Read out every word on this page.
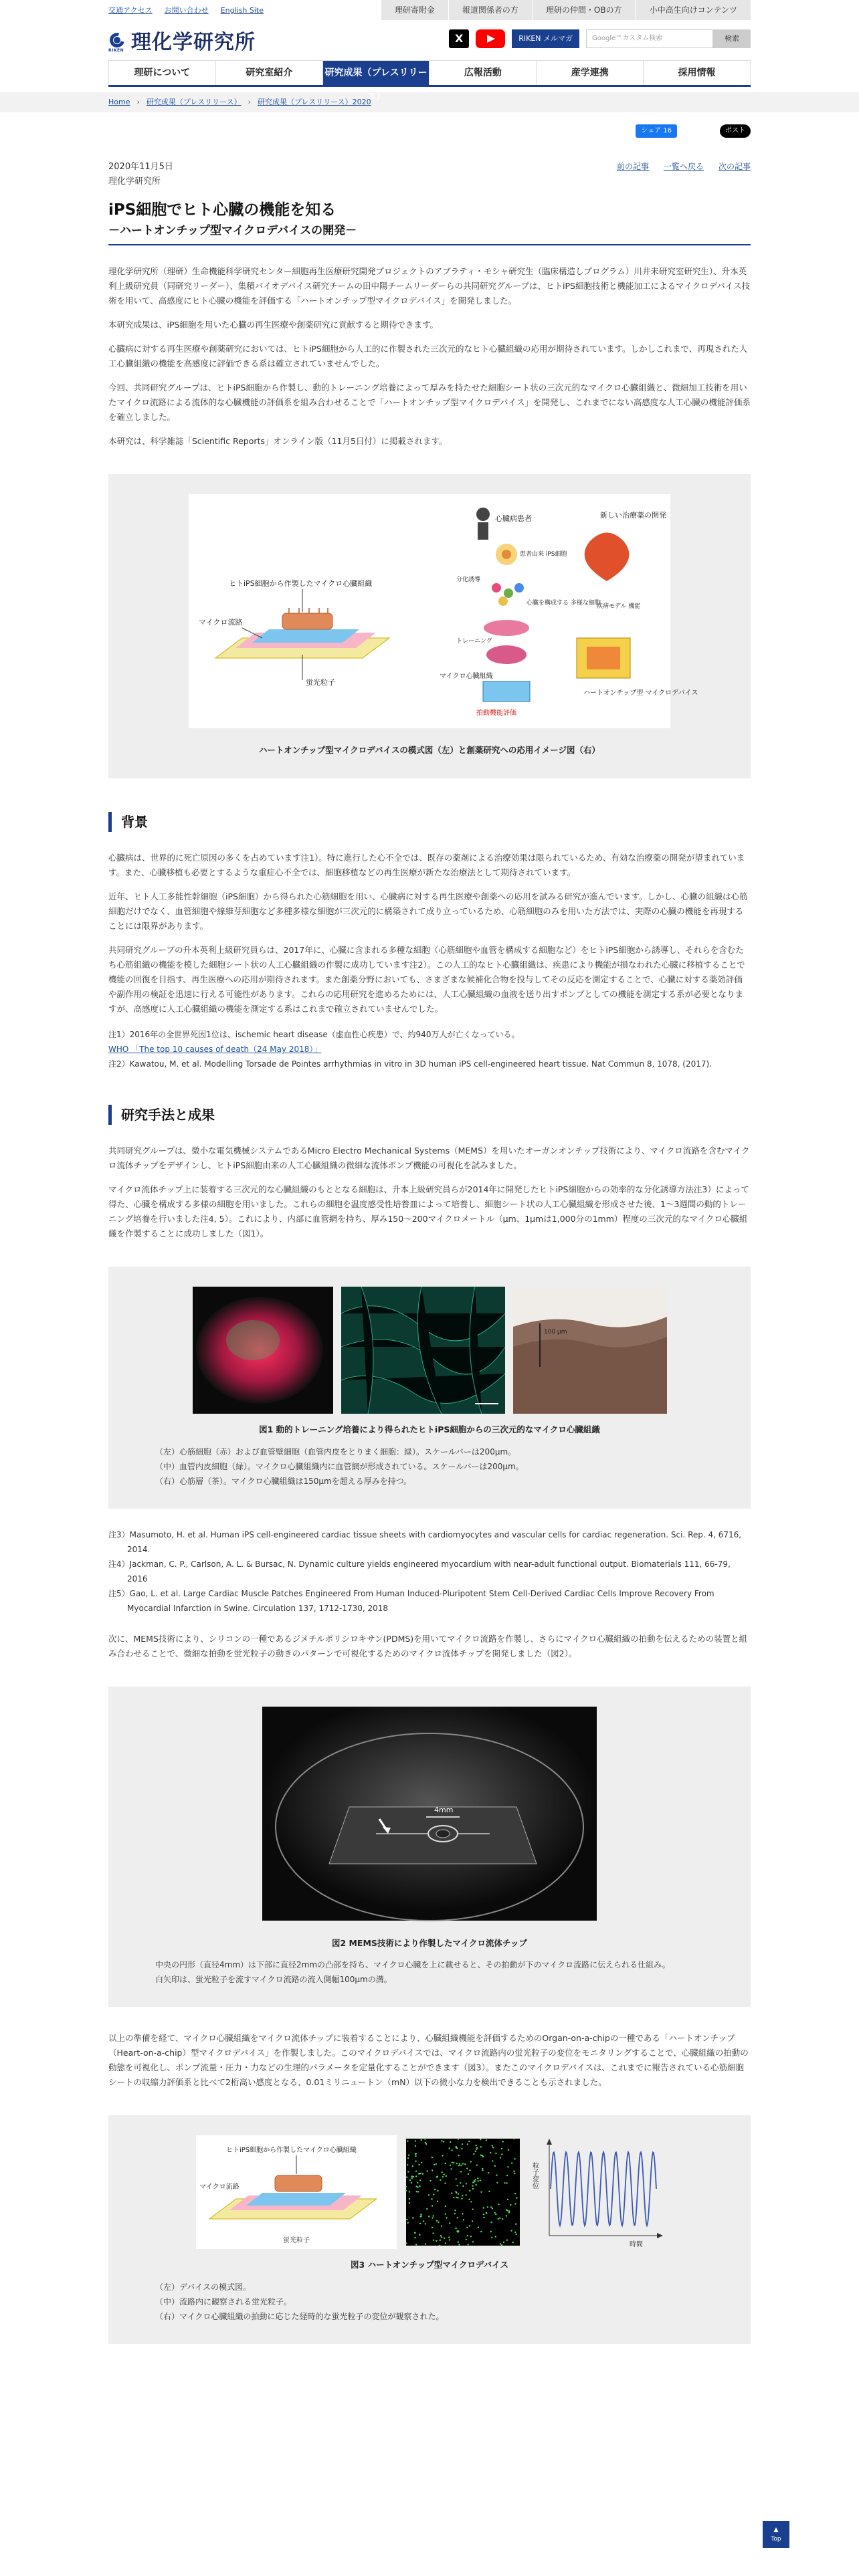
交通アクセス お問い合わせ English Site	理研寄附金	報道関係者の方	理研の仲間・OBの方	小中高生向けコンテンツ
RIKEN 理化学研究所	X	RIKEN メルマガ	Google™カスタム検索	検索
理研について	研究室紹介	研究成果（プレスリリース）
広報活動	産学連携	採用情報
Home › 研究成果（プレスリリース） › 研究成果（プレスリリース）2020
シェア 16	ポスト
2020年11月5日	前の記事 一覧へ戻る 次の記事
理化学研究所
iPS細胞でヒト心臓の機能を知る
－ハートオンチップ型マイクロデバイスの開発－

理化学研究所（理研）生命機能科学研究センター細胞再生医療研究開発プロジェクトのアブラティ・モシャ研究生（臨床構造しプログラム）川井未研究室研究生）、升本英利上級研究員（同研究リーダー）、集積バイオデバイス研究チームの田中陽チームリーダーらの共同研究グループは、ヒトiPS細胞技術と機能加工によるマイクロデバイス技術を用いて、高感度にヒト心臓の機能を評価する「ハートオンチップ型マイクロデバイス」を開発しました。

本研究成果は、iPS細胞を用いた心臓の再生医療や創薬研究に貢献すると期待できます。

心臓病に対する再生医療や創薬研究においては、ヒトiPS細胞から人工的に作製された三次元的なヒト心臓組織の応用が期待されています。しかしこれまで、再現された人工心臓組織の機能を高感度に評価できる系は確立されていませんでした。

今回、共同研究グループは、ヒトiPS細胞から作製し、動的トレーニング培養によって厚みを持たせた細胞シート状の三次元的なマイクロ心臓組織と、微細加工技術を用いたマイクロ流路による流体的な心臓機能の評価系を組み合わせることで「ハートオンチップ型マイクロデバイス」を開発し、これまでにない高感度な人工心臓の機能評価系を確立しました。

本研究は、科学雑誌「Scientific Reports」オンライン版（11月5日付）に掲載されます。

ヒトiPS細胞から作製したマイクロ心臓組織
マイクロ流路
蛍光粒子
心臓病患者
患者由来 iPS細胞
分化誘導
心臓を構成する 多様な細胞
トレーニング
マイクロ心臓組織
拍動機能評価
新しい治療薬の開発
疾病モデル 機能
ハートオンチップ型 マイクロデバイス
ハートオンチップ型マイクロデバイスの模式図（左）と創薬研究への応用イメージ図（右）
背景

心臓病は、世界的に死亡原因の多くを占めています注1）。特に進行した心不全では、既存の薬剤による治療効果は限られているため、有効な治療薬の開発が望まれています。また、心臓移植も必要とするような重症心不全では、細胞移植などの再生医療が新たな治療法として期待されています。

近年、ヒト人工多能性幹細胞（iPS細胞）から得られた心筋細胞を用い、心臓病に対する再生医療や創薬への応用を試みる研究が進んでいます。しかし、心臓の組織は心筋細胞だけでなく、血管細胞や線維芽細胞など多種多様な細胞が三次元的に構築されて成り立っているため、心筋細胞のみを用いた方法では、実際の心臓の機能を再現することには限界があります。

共同研究グループの升本英利上級研究員らは、2017年に、心臓に含まれる多種な細胞（心筋細胞や血管を構成する細胞など）をヒトiPS細胞から誘導し、それらを含むたち心筋組織の機能を模した細胞シート状の人工心臓組織の作製に成功しています注2）。この人工的なヒト心臓組織は、疾患により機能が損なわれた心臓に移植することで機能の回復を目指す、再生医療への応用が期待されます。また創薬分野においても、さまざまな候補化合物を投与してその反応を測定することで、心臓に対する薬効評価や副作用の検証を迅速に行える可能性があります。これらの応用研究を進めるためには、人工心臓組織の血液を送り出すポンプとしての機能を測定する系が必要となりますが、高感度に人工心臓組織の機能を測定する系はこれまで確立されていませんでした。

注1）2016年の全世界死因1位は、ischemic heart disease（虚血性心疾患）で、約940万人が亡くなっている。
WHO 「The top 10 causes of death（24 May 2018）」
注2）Kawatou, M. et al. Modelling Torsade de Pointes arrhythmias in vitro in 3D human iPS cell-engineered heart tissue. Nat Commun 8, 1078, (2017).
研究手法と成果

共同研究グループは、微小な電気機械システムであるMicro Electro Mechanical Systems（MEMS）を用いたオーガンオンチップ技術により、マイクロ流路を含むマイクロ流体チップをデザインし、ヒトiPS細胞由来の人工心臓組織の微細な流体ポンプ機能の可視化を試みました。

マイクロ流体チップ上に装着する三次元的な心臓組織のもととなる細胞は、升本上級研究員らが2014年に開発したヒトiPS細胞からの効率的な分化誘導方法注3）によって得た、心臓を構成する多様の細胞を用いました。これらの細胞を温度感受性培養皿によって培養し、細胞シート状の人工心臓組織を形成させた後、1〜3週間の動的トレーニング培養を行いました注4, 5）。これにより、内部に血管網を持ち、厚み150〜200マイクロメートル（μm、1μmは1,000分の1mm）程度の三次元的なマイクロ心臓組織を作製することに成功しました（図1）。

100 μm
図1 動的トレーニング培養により得られたヒトiPS細胞からの三次元的なマイクロ心臓組織
（左）心筋細胞（赤）および血管壁細胞（血管内皮をとりまく細胞：緑）。スケールバーは200μm。
（中）血管内皮細胞（緑）。マイクロ心臓組織内に血管網が形成されている。スケールバーは200μm。
（右）心筋層（茶）。マイクロ心臓組織は150μmを超える厚みを持つ。
注3）Masumoto, H. et al. Human iPS cell-engineered cardiac tissue sheets with cardiomyocytes and vascular cells for cardiac regeneration. Sci. Rep. 4, 6716, 2014.
注4）Jackman, C. P., Carlson, A. L. & Bursac, N. Dynamic culture yields engineered myocardium with near-adult functional output. Biomaterials 111, 66-79, 2016
注5）Gao, L. et al. Large Cardiac Muscle Patches Engineered From Human Induced-Pluripotent Stem Cell-Derived Cardiac Cells Improve Recovery From Myocardial Infarction in Swine. Circulation 137, 1712-1730, 2018

次に、MEMS技術により、シリコンの一種であるジメチルポリシロキサン(PDMS)を用いてマイクロ流路を作製し、さらにマイクロ心臓組織の拍動を伝えるための装置と組み合わせることで、微細な拍動を蛍光粒子の動きのパターンで可視化するためのマイクロ流体チップを開発しました（図2）。

4mm
図2 MEMS技術により作製したマイクロ流体チップ
中央の円形（直径4mm）は下部に直径2mmの凸部を持ち、マイクロ心臓を上に載せると、その拍動が下のマイクロ流路に伝えられる仕組み。
白矢印は、蛍光粒子を流すマイクロ流路の流入側幅100μmの溝。

以上の準備を経て、マイクロ心臓組織をマイクロ流体チップに装着することにより、心臓組織機能を評価するためのOrgan-on-a-chipの一種である「ハートオンチップ（Heart-on-a-chip）型マイクロデバイス」を作製しました。このマイクロデバイスでは、マイクロ流路内の蛍光粒子の変位をモニタリングすることで、心臓組織の拍動の動態を可視化し、ポンプ流量・圧力・力などの生理的パラメータを定量化することができます（図3）。またこのマイクロデバイスは、これまでに報告されている心筋細胞シートの収縮力評価系と比べて2桁高い感度となる、0.01ミリニュートン（mN）以下の微小な力を検出できることも示されました。

ヒトiPS細胞から作製したマイクロ心臓組織
マイクロ流路
蛍光粒子
粒子変位
時間
図3 ハートオンチップ型マイクロデバイス
（左）デバイスの模式図。
（中）流路内に観察される蛍光粒子。
（右）マイクロ心臓組織の拍動に応じた経時的な蛍光粒子の変位が観察された。
▲
Top
